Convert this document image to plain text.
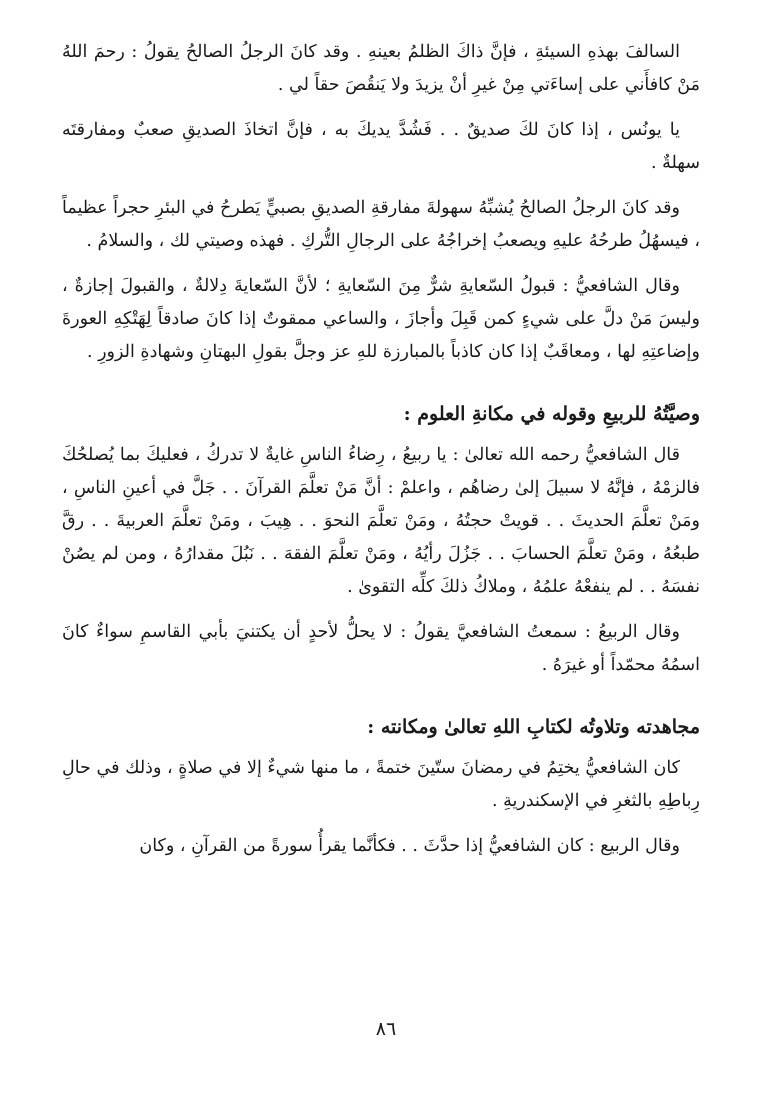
السالفَ بهذهِ السيئةِ ، فإنَّ ذاكَ الظلمُ بعينهِ . وقد كانَ الرجلُ الصالحُ يقولُ : رحمَ اللهُ مَنْ كافأَني على إساءَتي مِنْ غيرِ أنْ يزيدَ ولا يَنقُصَ حقاً لي .

يا يونُس ، إذا كانَ لكَ صديقٌ . . فَشُدَّ يديكَ به ، فإنَّ اتخاذَ الصديقِ صعبٌ ومفارقتَه سهلةٌ .

وقد كانَ الرجلُ الصالحُ يُشبِّهُ سهولةَ مفارقةِ الصديقِ بصبيٍّ يَطرحُ في البئرِ حجراً عظيماً ، فيسهُلُ طرحُهُ عليهِ ويصعبُ إخراجُهُ على الرجالِ التُّركِ . فهذه وصيتي لك ، والسلامُ .

وقال الشافعيُّ : قبولُ السّعايةِ شرٌّ مِنَ السّعايةِ ؛ لأنَّ السّعايةَ دِلالةٌ ، والقبولَ إجازةٌ ، وليسَ مَنْ دلَّ على شيءٍ كمن قَبِلَ وأجازَ ، والساعي ممقوتٌ إذا كانَ صادقاً لِهَتْكِهِ العورةَ وإضاعتِهِ لها ، ومعاقَبٌ إذا كان كاذباً بالمبارزة للهِ عز وجلَّ بقولِ البهتانِ وشهادةِ الزورِ .

وصيَّتُهُ للربيعِ وقوله في مكانةِ العلوم :

قال الشافعيُّ رحمه الله تعالىٰ : يا ربيعُ ، رِضاءُ الناسِ غايةٌ لا تدركُ ، فعليكَ بما يُصلحُكَ فالزمْهُ ، فإنَّهُ لا سبيلَ إلىٰ رضاهُم ، واعلمْ : أنَّ مَنْ تعلَّمَ القرآنَ . . جَلَّ في أعينِ الناسِ ، ومَنْ تعلَّمَ الحديثَ . . قويتْ حجتُهُ ، ومَنْ تعلَّمَ النحوَ . . هِيبَ ، ومَنْ تعلَّمَ العربيةَ . . رقَّ طبعُهُ ، ومَنْ تعلَّمَ الحسابَ . . جَزُلَ رأيُهُ ، ومَنْ تعلَّمَ الفقهَ . . نَبُلَ مقدارُهُ ، ومن لم يصُنْ نفسَهُ . . لم ينفعْهُ علمُهُ ، وملاكُ ذلكَ كلِّه التقوىٰ .

وقال الربيعُ : سمعتُ الشافعيَّ يقولُ : لا يحلُّ لأحدٍ أن يكتنيَ بأبي القاسمِ سواءٌ كانَ اسمُهُ محمّداً أو غيرَهُ .

مجاهدته وتلاوتُه لكتابِ اللهِ تعالىٰ ومكانته :

كان الشافعيُّ يختِمُ في رمضانَ ستّينَ ختمةً ، ما منها شيءٌ إلا في صلاةٍ ، وذلك في حالِ رِباطِهِ بالثغرِ في الإسكندريةِ .

وقال الربيع : كان الشافعيُّ إذا حدَّثَ . . فكأنَّما يقرأُ سورةً من القرآنِ ، وكان

٨٦
